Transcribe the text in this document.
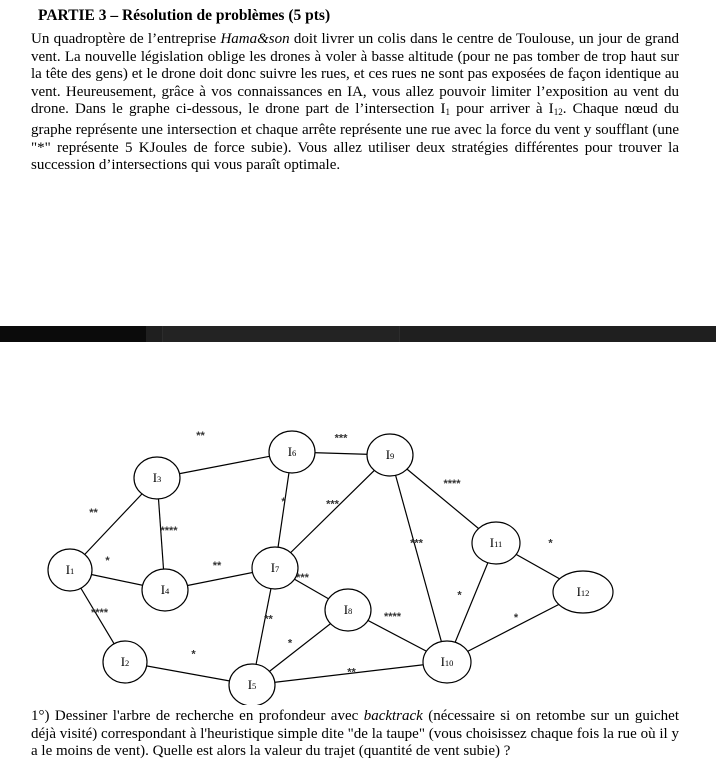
PARTIE 3 – Résolution de problèmes (5 pts)
Un quadroptère de l’entreprise Hama&son doit livrer un colis dans le centre de Toulouse, un jour de grand vent. La nouvelle législation oblige les drones à voler à basse altitude (pour ne pas tomber de trop haut sur la tête des gens) et le drone doit donc suivre les rues, et ces rues ne sont pas exposées de façon identique au vent. Heureusement, grâce à vos connaissances en IA, vous allez pouvoir limiter l’exposition au vent du drone. Dans le graphe ci-dessous, le drone part de l’intersection $I_1$ pour arriver à $I_{12}$. Chaque nœud du graphe représente une intersection et chaque arrête représente une rue avec la force du vent y soufflant (une "*" représente 5 KJoules de force subie). Vous allez utiliser deux stratégies différentes pour trouver la succession d’intersections qui vous paraît optimale.
**
*
****
**
****
**
*
***
*	***
***
**
*
**
****
***
****
*
*
*
I1
I2
I3
I4
I5
I6
I7
I8
I9
I10
I11
I12
1°) Dessiner l'arbre de recherche en profondeur avec backtrack (nécessaire si on retombe sur un guichet déjà visité) correspondant à l'heuristique simple dite "de la taupe" (vous choisissez chaque fois la rue où il y a le moins de vent). Quelle est alors la valeur du trajet (quantité de vent subie) ?
